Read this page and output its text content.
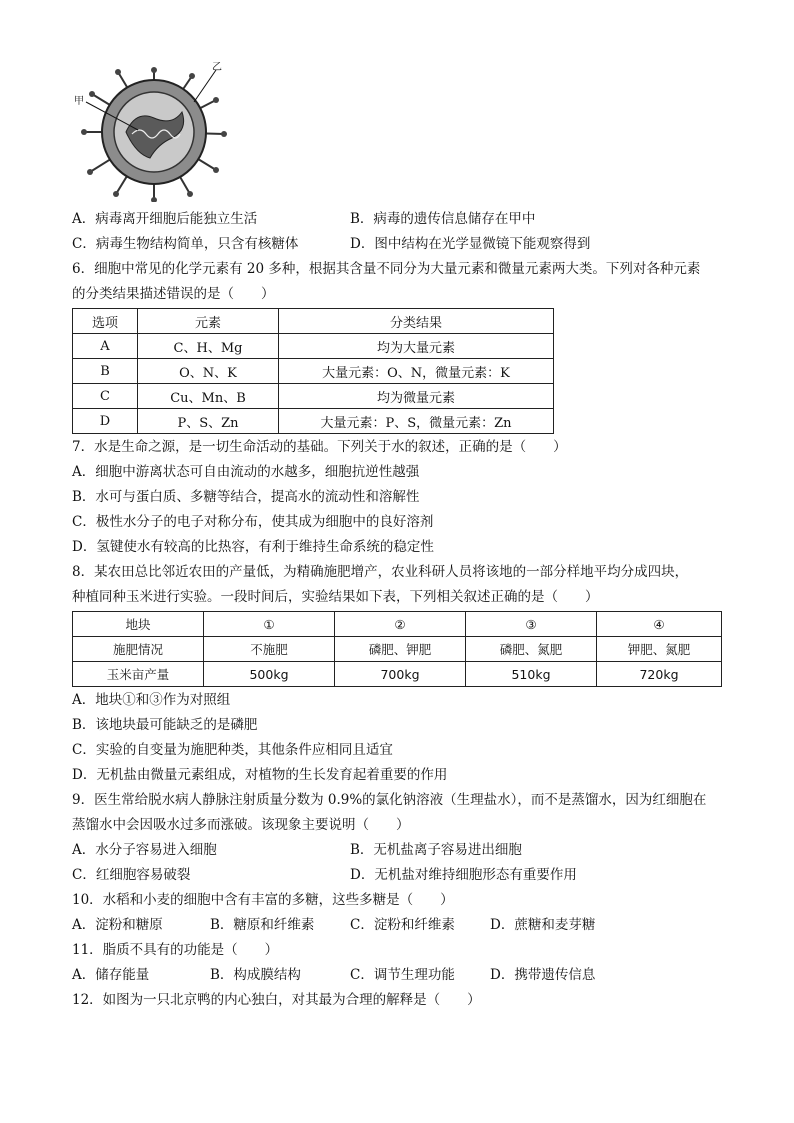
甲
乙
A．病毒离开细胞后能独立生活	B．病毒的遗传信息储存在甲中
C．病毒生物结构简单，只含有核糖体	D．图中结构在光学显微镜下能观察得到
6．细胞中常见的化学元素有 20 多种，根据其含量不同分为大量元素和微量元素两大类。下列对各种元素
的分类结果描述错误的是（　　）
选项	元素	分类结果
A	C、H、Mg	均为大量元素
B	O、N、K	大量元素：O、N，微量元素：K
C	Cu、Mn、B	均为微量元素
D	P、S、Zn	大量元素：P、S，微量元素：Zn
7．水是生命之源，是一切生命活动的基础。下列关于水的叙述，正确的是（　　）
A．细胞中游离状态可自由流动的水越多，细胞抗逆性越强
B．水可与蛋白质、多糖等结合，提高水的流动性和溶解性
C．极性水分子的电子对称分布，使其成为细胞中的良好溶剂
D．氢键使水有较高的比热容，有利于维持生命系统的稳定性
8．某农田总比邻近农田的产量低，为精确施肥增产，农业科研人员将该地的一部分样地平均分成四块，
种植同种玉米进行实验。一段时间后，实验结果如下表，下列相关叙述正确的是（　　）
地块	①	②	③	④
施肥情况	不施肥	磷肥、钾肥	磷肥、氮肥	钾肥、氮肥
玉米亩产量	500kg	700kg	510kg	720kg
A．地块①和③作为对照组
B．该地块最可能缺乏的是磷肥
C．实验的自变量为施肥种类，其他条件应相同且适宜
D．无机盐由微量元素组成，对植物的生长发育起着重要的作用
9．医生常给脱水病人静脉注射质量分数为 0.9%的氯化钠溶液（生理盐水），而不是蒸馏水，因为红细胞在
蒸馏水中会因吸水过多而涨破。该现象主要说明（　　）
A．水分子容易进入细胞	B．无机盐离子容易进出细胞
C．红细胞容易破裂	D．无机盐对维持细胞形态有重要作用
10．水稻和小麦的细胞中含有丰富的多糖，这些多糖是（　　）
A．淀粉和糖原	B．糖原和纤维素	C．淀粉和纤维素	D．蔗糖和麦芽糖
11．脂质不具有的功能是（　　）
A．储存能量	B．构成膜结构	C．调节生理功能	D．携带遗传信息
12．如图为一只北京鸭的内心独白，对其最为合理的解释是（　　）
